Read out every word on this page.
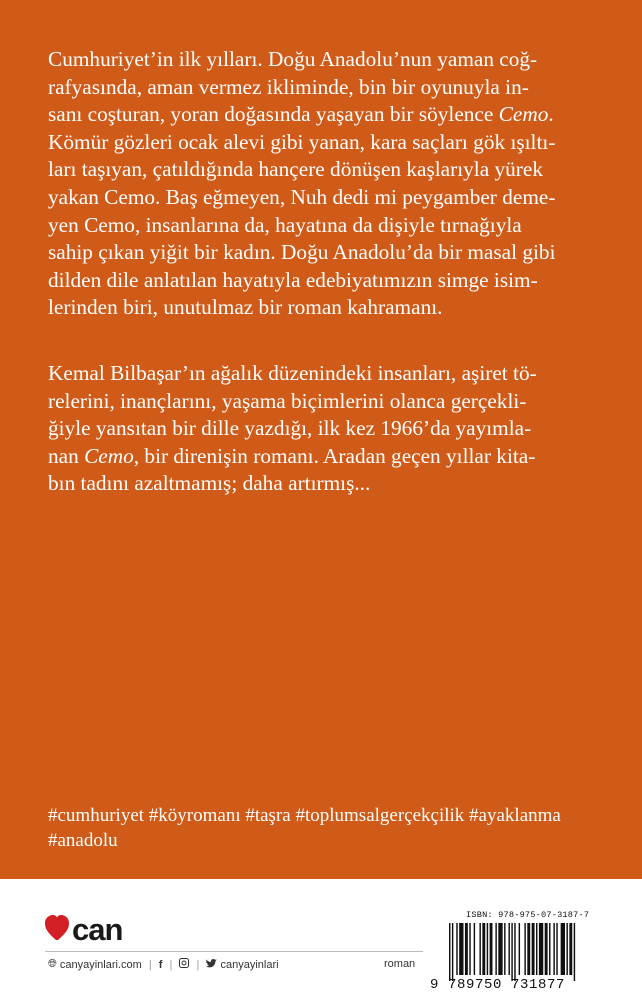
Cumhuriyet’in ilk yılları. Doğu Anadolu’nun yaman coğ-

rafyasında, aman vermez ikliminde, bin bir oyunuyla in-

sanı coşturan, yoran doğasında yaşayan bir söylence Cemo.

Kömür gözleri ocak alevi gibi yanan, kara saçları gök ışıltı-

ları taşıyan, çatıldığında hançere dönüşen kaşlarıyla yürek

yakan Cemo. Baş eğmeyen, Nuh dedi mi peygamber deme-

yen Cemo, insanlarına da, hayatına da dişiyle tırnağıyla

sahip çıkan yiğit bir kadın. Doğu Anadolu’da bir masal gibi

dilden dile anlatılan hayatıyla edebiyatımızın simge isim-

lerinden biri, unutulmaz bir roman kahramanı.

Kemal Bilbaşar’ın ağalık düzenindeki insanları, aşiret tö-

relerini, inançlarını, yaşama biçimlerini olanca gerçekli-

ğiyle yansıtan bir dille yazdığı, ilk kez 1966’da yayımla-

nan Cemo, bir direnişin romanı. Aradan geçen yıllar kita-

bın tadını azaltmamış; daha artırmış...

#cumhuriyet #köyromanı #taşra #toplumsalgerçekçilik #ayaklanma
#anadolu
can
🌐︎ canyayinlari.com | f | | canyayinlari	roman
ISBN: 978-975-07-3187-7
9 789750 731877
